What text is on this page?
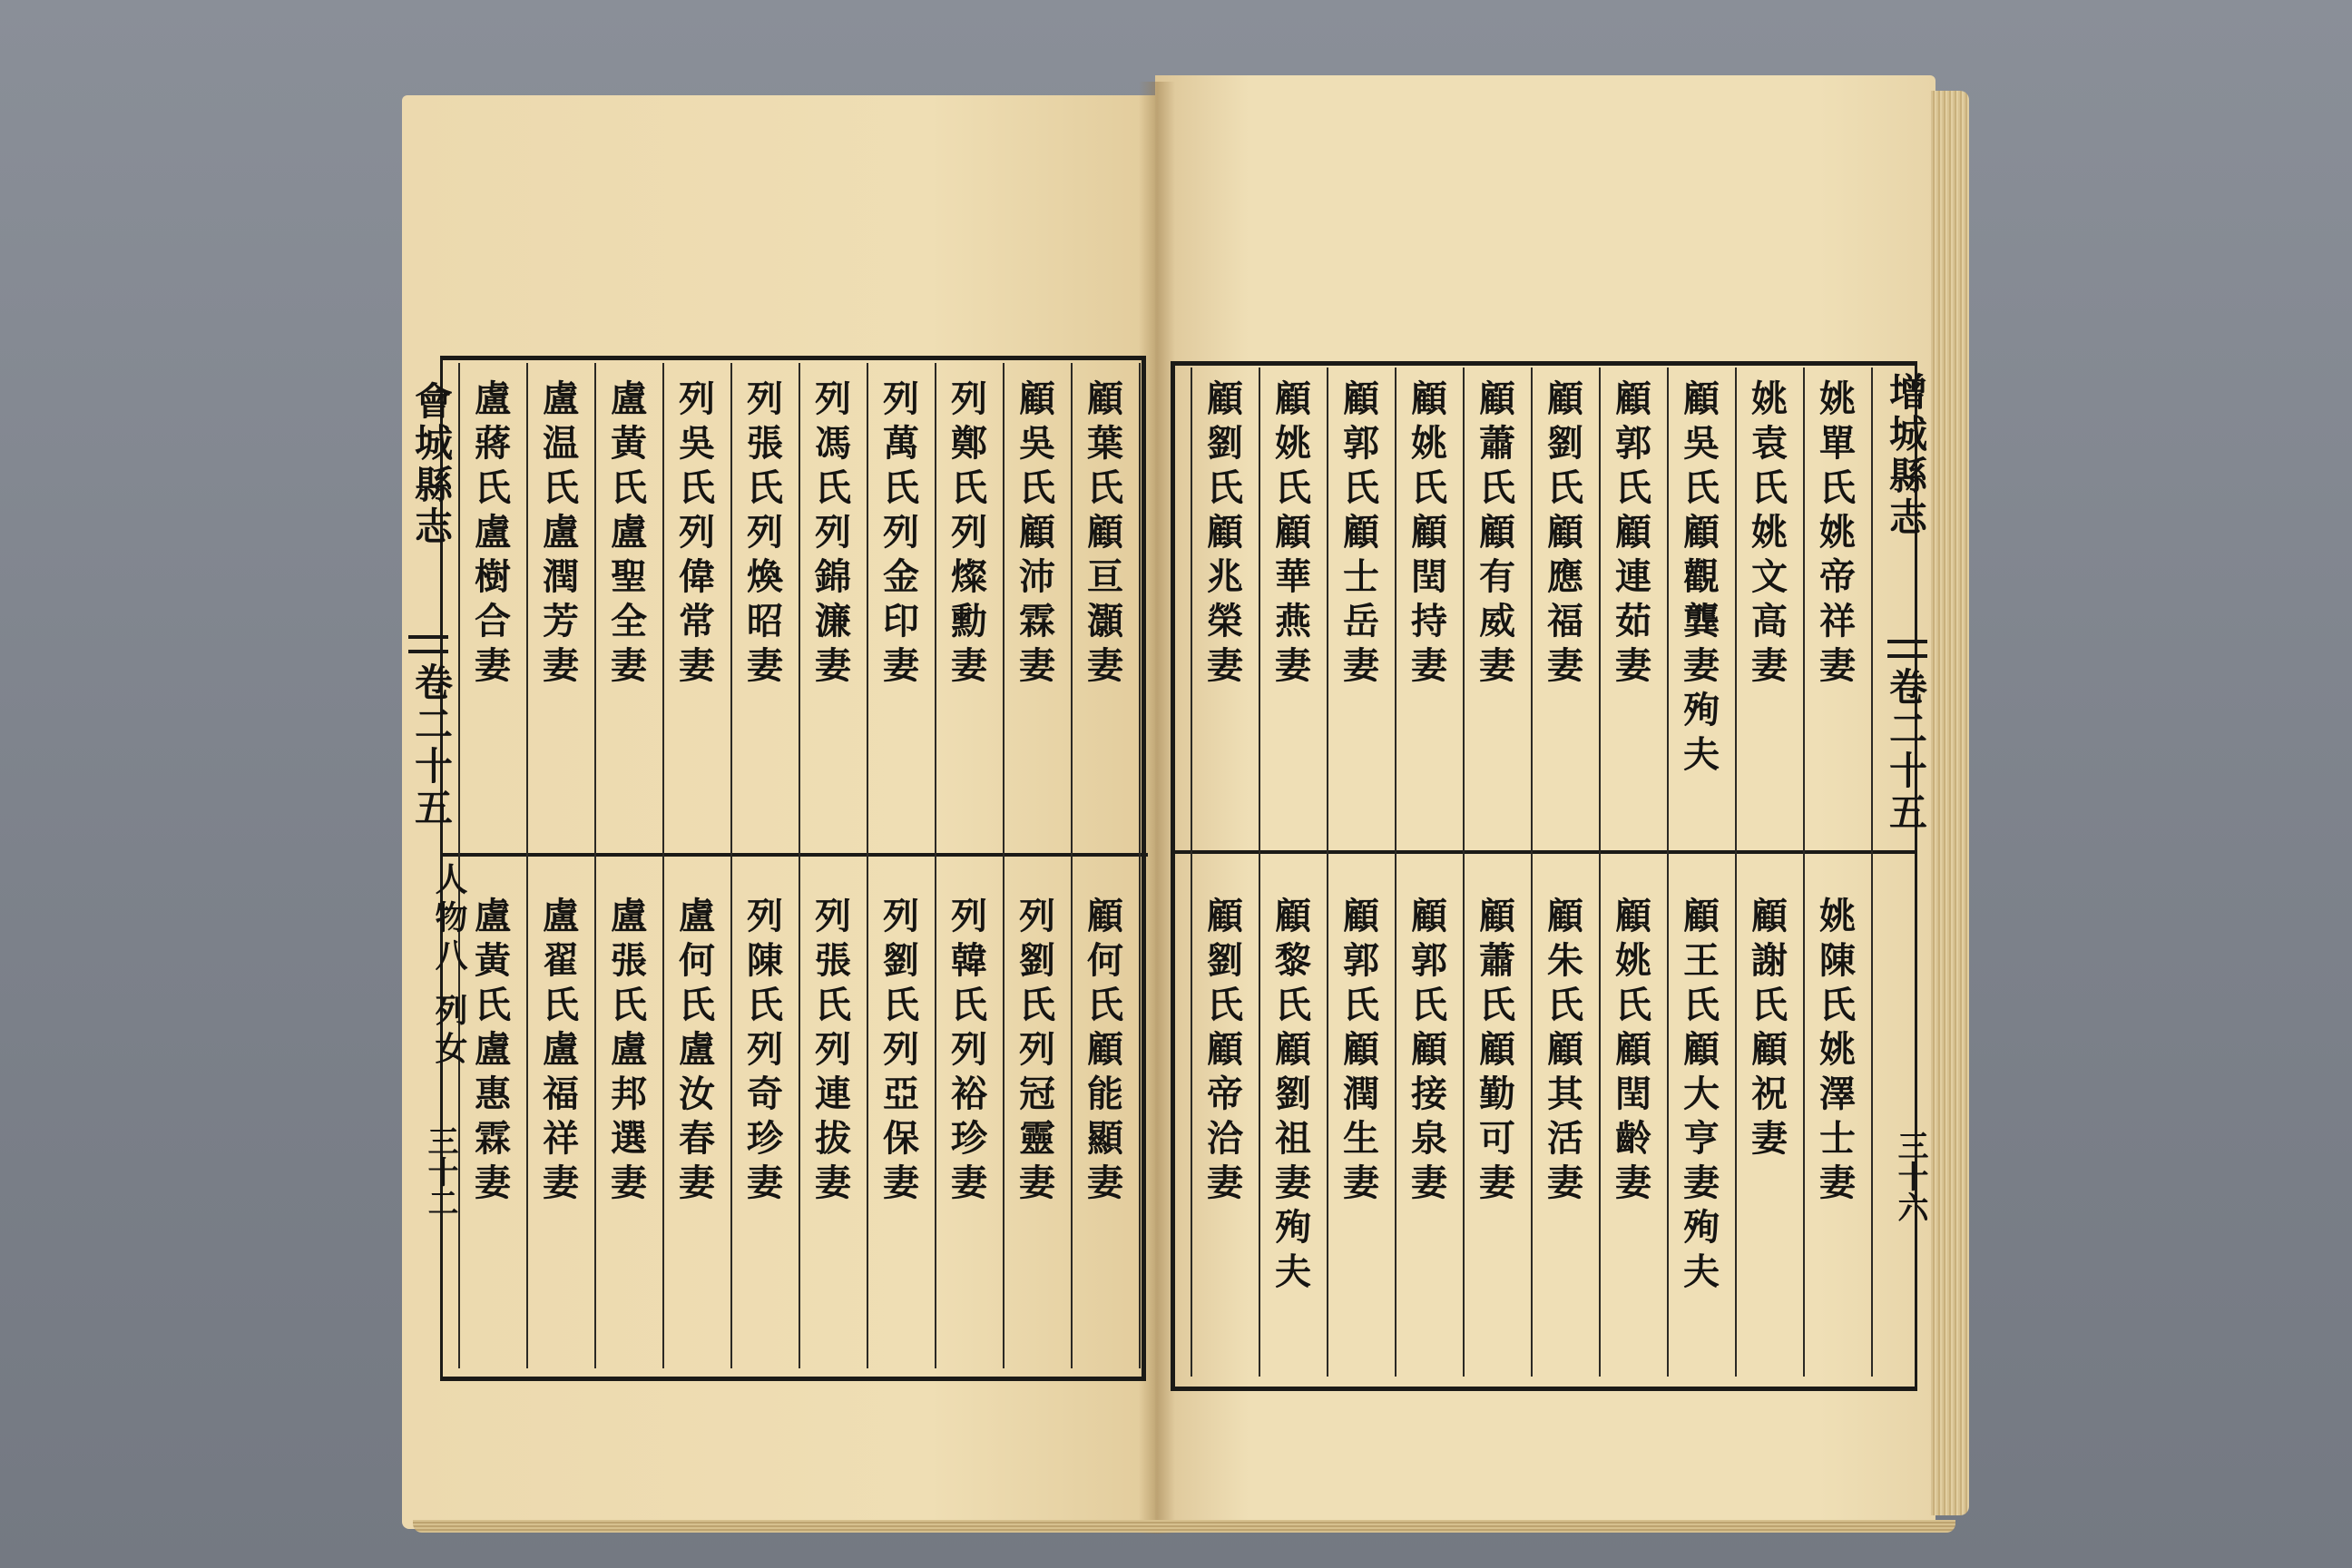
會城縣志
卷二十五
人物八 列女
三十二
增城縣志
卷二十五
三十六
顧
葉
氏
顧
亘
灝
妻
顧
吳
氏
顧
沛
霖
妻
列
鄭
氏
列
燦
勳
妻
列
萬
氏
列
金
印
妻
列
馮
氏
列
錦
濂
妻
列
張
氏
列
煥
昭
妻
列
吳
氏
列
偉
常
妻
盧
黃
氏
盧
聖
全
妻
盧
温
氏
盧
潤
芳
妻
盧
蔣
氏
盧
樹
合
妻
顧
何
氏
顧
能
顯
妻
列
劉
氏
列
冠
靈
妻
列
韓
氏
列
裕
珍
妻
列
劉
氏
列
亞
保
妻
列
張
氏
列
連
拔
妻
列
陳
氏
列
奇
珍
妻
盧
何
氏
盧
汝
春
妻
盧
張
氏
盧
邦
選
妻
盧
翟
氏
盧
福
祥
妻
盧
黃
氏
盧
惠
霖
妻
姚
單
氏
姚
帝
祥
妻
姚
袁
氏
姚
文
高
妻
顧
吳
氏
顧
觀
龔
妻
殉
夫
顧
郭
氏
顧
連
茹
妻
顧
劉
氏
顧
應
福
妻
顧
蕭
氏
顧
有
威
妻
顧
姚
氏
顧
閏
持
妻
顧
郭
氏
顧
士
岳
妻
顧
姚
氏
顧
華
燕
妻
顧
劉
氏
顧
兆
榮
妻
姚
陳
氏
姚
澤
士
妻
顧
謝
氏
顧
祝
妻
顧
王
氏
顧
大
亨
妻
殉
夫
顧
姚
氏
顧
閏
齡
妻
顧
朱
氏
顧
其
活
妻
顧
蕭
氏
顧
勤
可
妻
顧
郭
氏
顧
接
泉
妻
顧
郭
氏
顧
潤
生
妻
顧
黎
氏
顧
劉
祖
妻
殉
夫
顧
劉
氏
顧
帝
洽
妻
